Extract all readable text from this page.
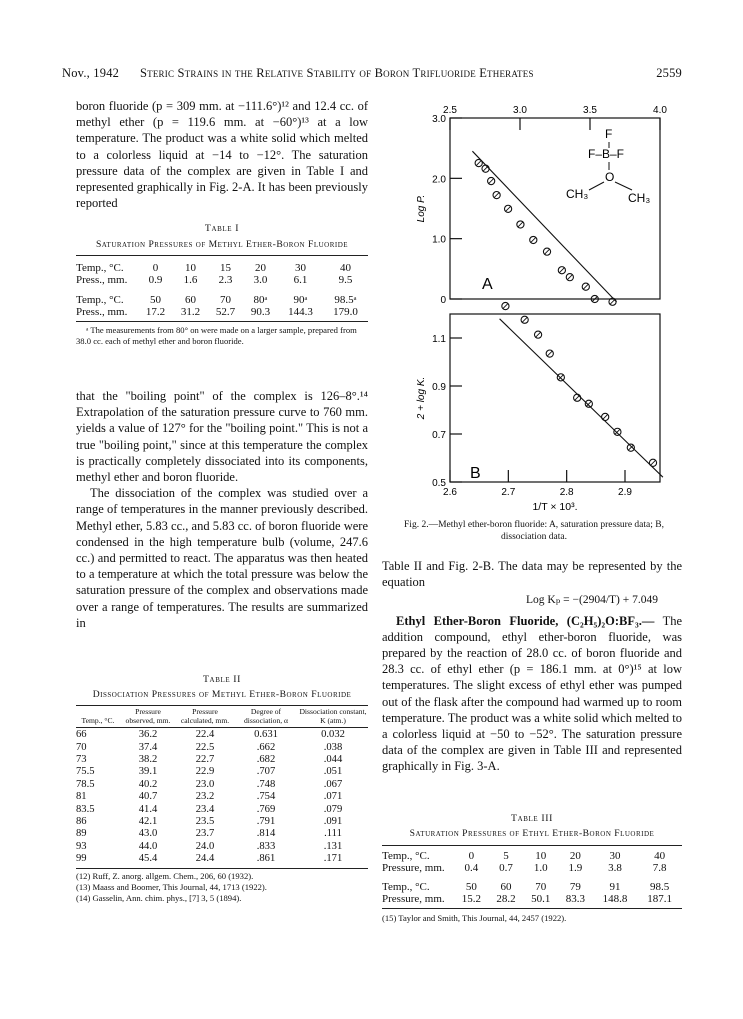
Nov., 1942 Steric Strains in the Relative Stability of Boron Trifluoride Etherates	2559

boron fluoride (p = 309 mm. at −111.6°)¹² and 12.4 cc. of methyl ether (p = 119.6 mm. at −60°)¹³ at a low temperature. The product was a white solid which melted to a colorless liquid at −14 to −12°. The saturation pressure data of the complex are given in Table I and represented graphically in Fig. 2-A. It has been previously reported

Table I
Saturation Pressures of Methyl Ether-Boron Fluoride
Temp., °C.	0	10	15	20	30	40
Press., mm.	0.9	1.6	2.3	3.0	6.1	9.5

Temp., °C.	50	60	70	80ᵃ	90ᵃ	98.5ᵃ
Press., mm.	17.2	31.2	52.7	90.3	144.3	179.0
ᵃ The measurements from 80° on were made on a larger sample, prepared from 38.0 cc. each of methyl ether and boron fluoride.

that the "boiling point" of the complex is 126–8°.¹⁴ Extrapolation of the saturation pressure curve to 760 mm. yields a value of 127° for the "boiling point." This is not a true "boiling point," since at this temperature the complex is practically completely dissociated into its components, methyl ether and boron fluoride.

The dissociation of the complex was studied over a range of temperatures in the manner previously described. Methyl ether, 5.83 cc., and 5.83 cc. of boron fluoride were condensed in the high temperature bulb (volume, 247.6 cc.) and permitted to react. The apparatus was then heated to a temperature at which the total pressure was below the saturation pressure of the complex and observations made over a range of temperatures. The results are summarized in

Table II
Dissociation Pressures of Methyl Ether-Boron Fluoride
Temp., °C.	Pressure observed, mm.	Pressure calculated, mm.	Degree of dissociation, α	Dissociation constant, K (atm.)
66	36.2	22.4	0.631	0.032
70	37.4	22.5	.662	.038
73	38.2	22.7	.682	.044
75.5	39.1	22.9	.707	.051
78.5	40.2	23.0	.748	.067
81	40.7	23.2	.754	.071
83.5	41.4	23.4	.769	.079
86	42.1	23.5	.791	.091
89	43.0	23.7	.814	.111
93	44.0	24.0	.833	.131
99	45.4	24.4	.861	.171
(12) Ruff, Z. anorg. allgem. Chem., 206, 60 (1932).
(13) Maass and Boomer, This Journal, 44, 1713 (1922).
(14) Gasselin, Ann. chim. phys., [7] 3, 5 (1894).
0
1.0
2.0
3.0
2.5	3.0	3.5	4.0
Log P.
A
0.5
0.7
0.9
1.1
2.6	2.7	2.8	2.9
2 + log K.
B
1/T × 10³.
F
F–B–F
O
CH₃	CH₃
Fig. 2.—Methyl ether-boron fluoride: A, saturation pressure data; B, dissociation data.

Table II and Fig. 2-B. The data may be represented by the equation

Log Kₚ = −(2904/T) + 7.049

Ethyl Ether-Boron Fluoride, (C₂H₅)₂O:BF₃.— The addition compound, ethyl ether-boron fluoride, was prepared by the reaction of 28.0 cc. of boron fluoride and 28.3 cc. of ethyl ether (p = 186.1 mm. at 0°)¹⁵ at low temperatures. The slight excess of ethyl ether was pumped out of the flask after the compound had warmed up to room temperature. The product was a white solid which melted to a colorless liquid at −50 to −52°. The saturation pressure data of the complex are given in Table III and represented graphically in Fig. 3-A.

Table III
Saturation Pressures of Ethyl Ether-Boron Fluoride
Temp., °C.	0	5	10	20	30	40
Pressure, mm.	0.4	0.7	1.0	1.9	3.8	7.8

Temp., °C.	50	60	70	79	91	98.5
Pressure, mm.	15.2	28.2	50.1	83.3	148.8	187.1
(15) Taylor and Smith, This Journal, 44, 2457 (1922).
